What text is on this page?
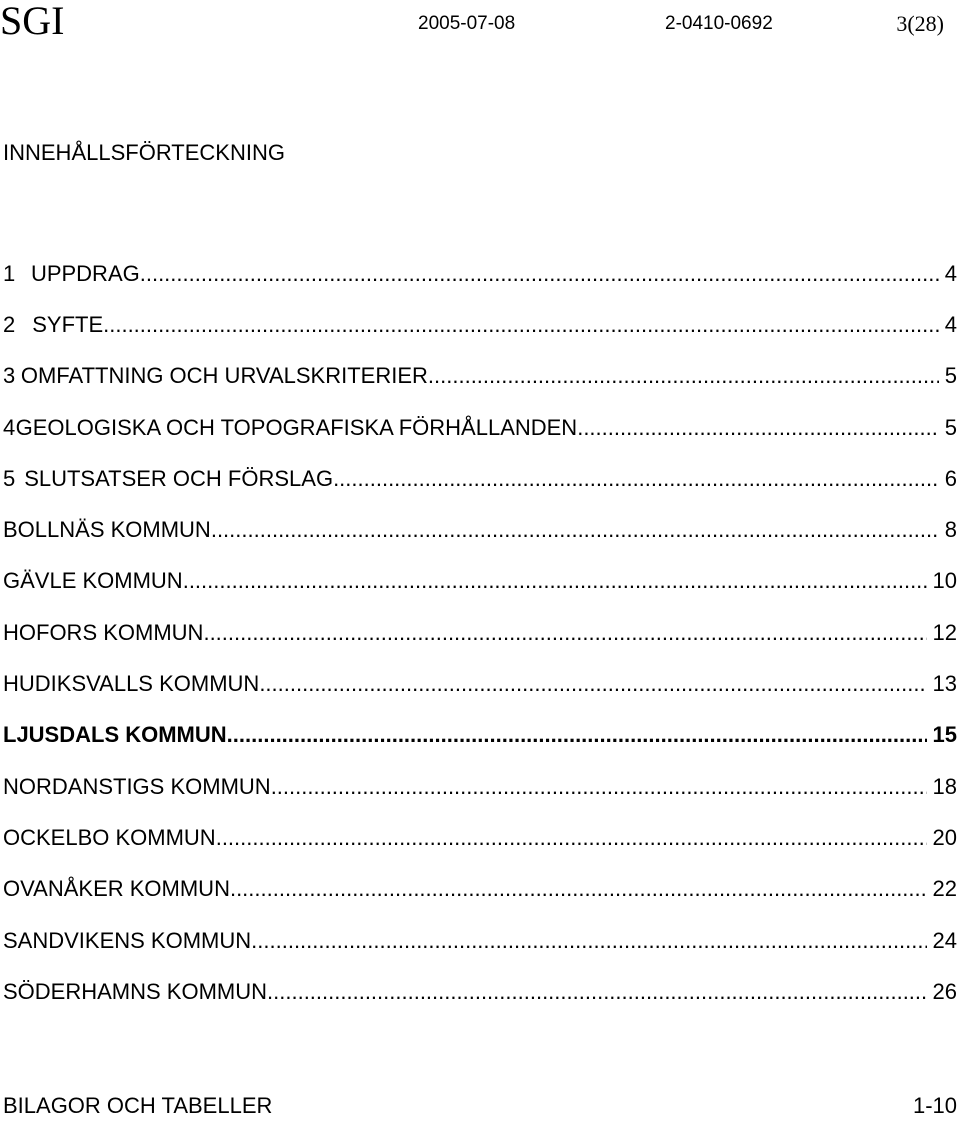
SGI	2005-07-08	2-0410-0692	3(28)
INNEHÅLLSFÖRTECKNING
1 UPPDRAG .....	4
2 SYFTE .....	4
3 OMFATTNING OCH URVALSKRITERIER .....	5
4 GEOLOGISKA OCH TOPOGRAFISKA FÖRHÅLLANDEN .....	5
5 SLUTSATSER OCH FÖRSLAG .....	6
BOLLNÄS KOMMUN .....	8
GÄVLE KOMMUN .....	10
HOFORS KOMMUN .....	12
HUDIKSVALLS KOMMUN .....	13
LJUSDALS KOMMUN .....	15
NORDANSTIGS KOMMUN .....	18
OCKELBO KOMMUN .....	20
OVANÅKER KOMMUN .....	22
SANDVIKENS KOMMUN .....	24
SÖDERHAMNS KOMMUN .....	26
BILAGOR OCH TABELLER	1-10
